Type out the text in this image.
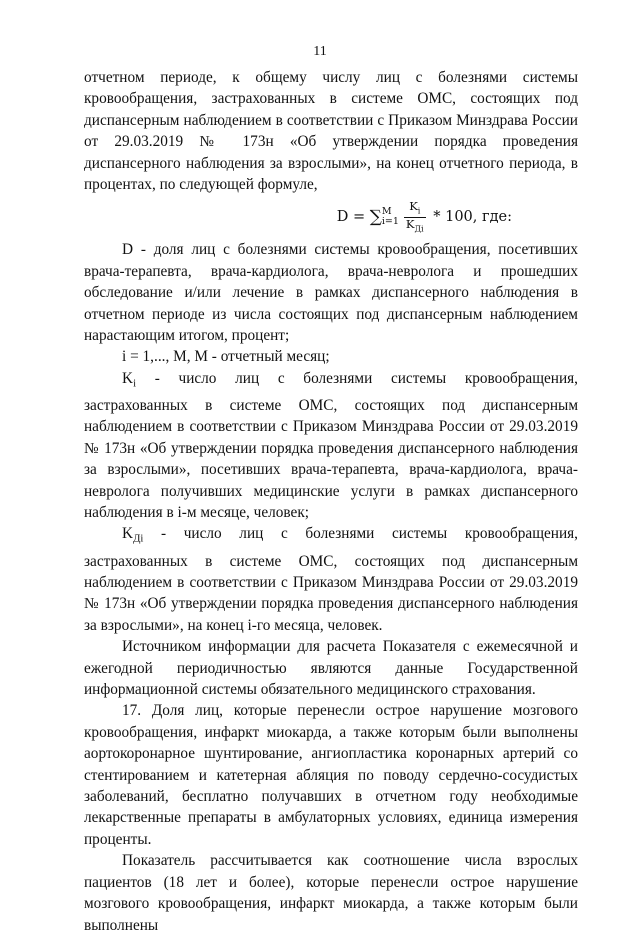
11

отчетном периоде, к общему числу лиц с болезнями системы кровообращения, застрахованных в системе ОМС, состоящих под диспансерным наблюдением в соответствии с Приказом Минздрава России от 29.03.2019 № 173н «Об утверждении порядка проведения диспансерного наблюдения за взрослыми», на конец отчетного периода, в процентах, по следующей формуле,

D = ∑ M
$i=1 \frac{K_i}{K_{Дi}} * 100$, где:

D - доля лиц с болезнями системы кровообращения, посетивших врача-терапевта, врача-кардиолога, врача-невролога и прошедших обследование и/или лечение в рамках диспансерного наблюдения в отчетном периоде из числа состоящих под диспансерным наблюдением нарастающим итогом, процент;

i = 1,..., M, M - отчетный месяц;

$K_i$ - число лиц с болезнями системы кровообращения, застрахованных в системе ОМС, состоящих под диспансерным наблюдением в соответствии с Приказом Минздрава России от 29.03.2019 № 173н «Об утверждении порядка проведения диспансерного наблюдения за взрослыми», посетивших врача-терапевта, врача-кардиолога, врача-невролога получивших медицинские услуги в рамках диспансерного наблюдения в i-м месяце, человек;

$K_{Дi}$ - число лиц с болезнями системы кровообращения, застрахованных в системе ОМС, состоящих под диспансерным наблюдением в соответствии с Приказом Минздрава России от 29.03.2019 № 173н «Об утверждении порядка проведения диспансерного наблюдения за взрослыми», на конец i-го месяца, человек.

Источником информации для расчета Показателя с ежемесячной и ежегодной периодичностью являются данные Государственной информационной системы обязательного медицинского страхования.

17. Доля лиц, которые перенесли острое нарушение мозгового кровообращения, инфаркт миокарда, а также которым были выполнены аортокоронарное шунтирование, ангиопластика коронарных артерий со стентированием и катетерная абляция по поводу сердечно-сосудистых заболеваний, бесплатно получавших в отчетном году необходимые лекарственные препараты в амбулаторных условиях, единица измерения проценты.

Показатель рассчитывается как соотношение числа взрослых пациентов (18 лет и более), которые перенесли острое нарушение мозгового кровообращения, инфаркт миокарда, а также которым были выполнены
